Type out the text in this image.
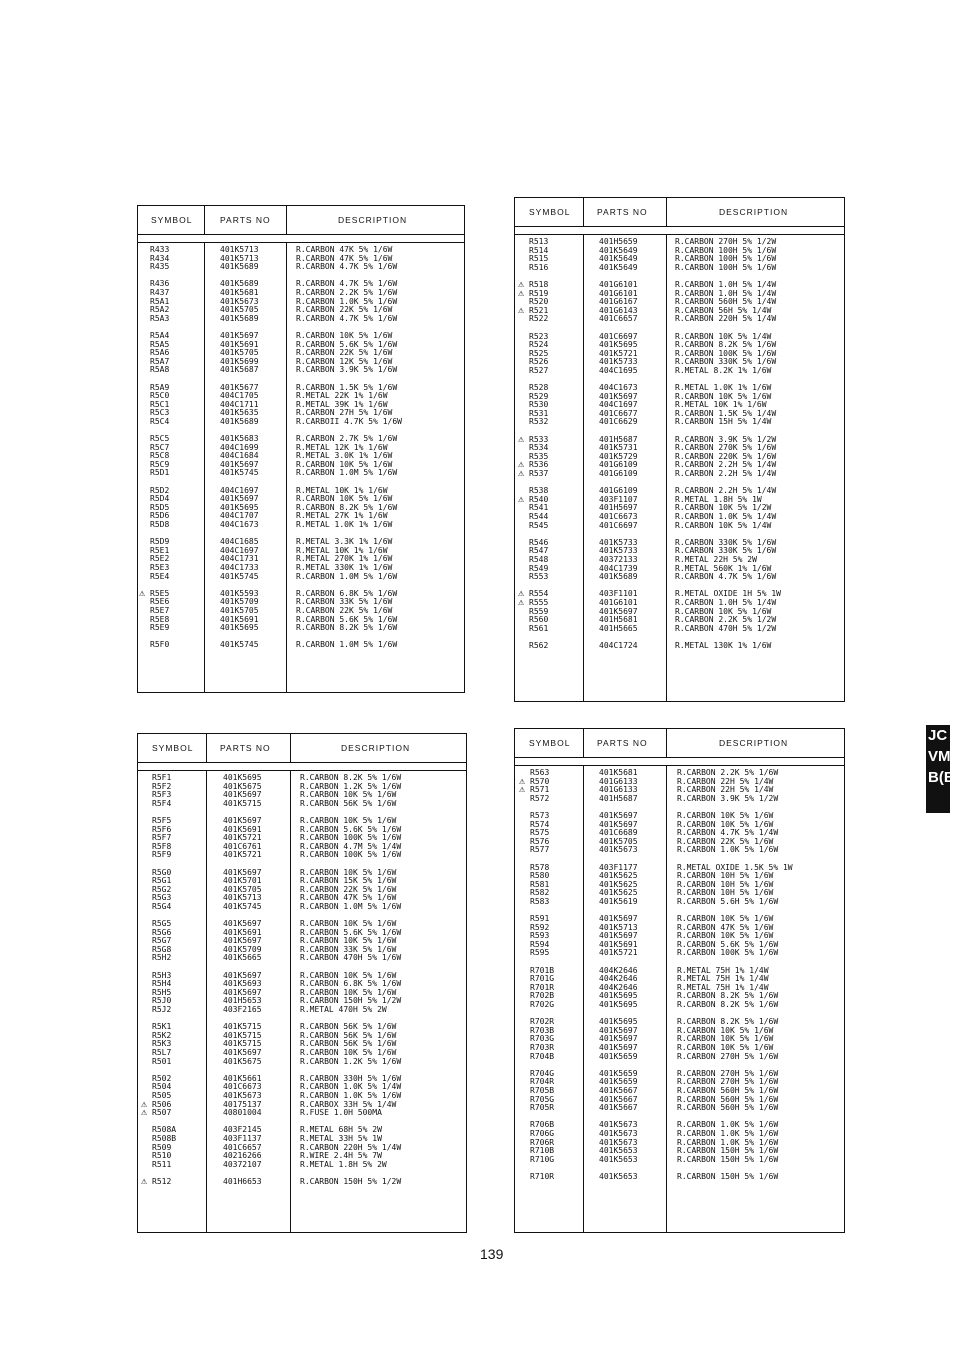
SYMBOL	PARTS NO	DESCRIPTION
R433	401K5713	R.CARBON 47K 5% 1/6W
R434	401K5713	R.CARBON 47K 5% 1/6W
R435	401K5689	R.CARBON 4.7K 5% 1/6W
R436	401K5689	R.CARBON 4.7K 5% 1/6W
R437	401K5681	R.CARBON 2.2K 5% 1/6W
R5A1	401K5673	R.CARBON 1.0K 5% 1/6W
R5A2	401K5705	R.CARBON 22K 5% 1/6W
R5A3	401K5689	R.CARBON 4.7K 5% 1/6W
R5A4	401K5697	R.CARBON 10K 5% 1/6W
R5A5	401K5691	R.CARBON 5.6K 5% 1/6W
R5A6	401K5705	R.CARBON 22K 5% 1/6W
R5A7	401K5699	R.CARBON 12K 5% 1/6W
R5A8	401K5687	R.CARBON 3.9K 5% 1/6W
R5A9	401K5677	R.CARBON 1.5K 5% 1/6W
R5C0	404C1705	R.METAL 22K 1% 1/6W
R5C1	404C1711	R.METAL 39K 1% 1/6W
R5C3	401K5635	R.CARBON 27H 5% 1/6W
R5C4	401K5689	R.CARBOII 4.7K 5% 1/6W
R5C5	401K5683	R.CARBON 2.7K 5% 1/6W
R5C7	404C1699	R.METAL 12K 1% 1/6W
R5C8	404C1684	R.METAL 3.0K 1% 1/6W
R5C9	401K5697	R.CARBON 10K 5% 1/6W
R5D1	401K5745	R.CARBON 1.0M 5% 1/6W
R5D2	404C1697	R.METAL 10K 1% 1/6W
R5D4	401K5697	R.CARBON 10K 5% 1/6W
R5D5	401K5695	R.CARBON 8.2K 5% 1/6W
R5D6	404C1707	R.METAL 27K 1% 1/6W
R5D8	404C1673	R.METAL 1.0K 1% 1/6W
R5D9	404C1685	R.METAL 3.3K 1% 1/6W
R5E1	404C1697	R.METAL 10K 1% 1/6W
R5E2	404C1731	R.METAL 270K 1% 1/6W
R5E3	404C1733	R.METAL 330K 1% 1/6W
R5E4	401K5745	R.CARBON 1.0M 5% 1/6W
⚠ R5E5	401K5593	R.CARBON 6.8K 5% 1/6W
R5E6	401K5709	R.CARBON 33K 5% 1/6W
R5E7	401K5705	R.CARBON 22K 5% 1/6W
R5E8	401K5691	R.CARBON 5.6K 5% 1/6W
R5E9	401K5695	R.CARBON 8.2K 5% 1/6W
R5F0	401K5745	R.CARBON 1.0M 5% 1/6W
SYMBOL	PARTS NO	DESCRIPTION
R513	401H5659	R.CARBON 270H 5% 1/2W
R514	401K5649	R.CARBON 100H 5% 1/6W
R515	401K5649	R.CARBON 100H 5% 1/6W
R516	401K5649	R.CARBON 100H 5% 1/6W
⚠ R518	401G6101	R.CARBON 1.0H 5% 1/4W
⚠ R519	401G6101	R.CARBON 1.0H 5% 1/4W
R520	401G6167	R.CARBON 560H 5% 1/4W
⚠ R521	401G6143	R.CARBON 56H 5% 1/4W
R522	401C6657	R.CARBON 220H 5% 1/4W
R523	401C6697	R.CARBON 10K 5% 1/4W
R524	401K5695	R.CARBON 8.2K 5% 1/6W
R525	401K5721	R.CARBON 100K 5% 1/6W
R526	401K5733	R.CARBON 330K 5% 1/6W
R527	404C1695	R.METAL 8.2K 1% 1/6W
R528	404C1673	R.METAL 1.0K 1% 1/6W
R529	401K5697	R.CARBON 10K 5% 1/6W
R530	404C1697	R.METAL 10K 1% 1/6W
R531	401C6677	R.CARBON 1.5K 5% 1/4W
R532	401C6629	R.CARBON 15H 5% 1/4W
⚠ R533	401H5687	R.CARBON 3.9K 5% 1/2W
R534	401K5731	R.CARBON 270K 5% 1/6W
R535	401K5729	R.CARBON 220K 5% 1/6W
⚠ R536	401G6109	R.CARBON 2.2H 5% 1/4W
⚠ R537	401G6109	R.CARBON 2.2H 5% 1/4W
R538	401G6109	R.CARBON 2.2H 5% 1/4W
⚠ R540	403F1107	R.METAL 1.8H 5% 1W
R541	401H5697	R.CARBON 10K 5% 1/2W
R544	401C6673	R.CARBON 1.0K 5% 1/4W
R545	401C6697	R.CARBON 10K 5% 1/4W
R546	401K5733	R.CARBON 330K 5% 1/6W
R547	401K5733	R.CARBON 330K 5% 1/6W
R548	40372133	R.METAL 22H 5% 2W
R549	404C1739	R.METAL 560K 1% 1/6W
R553	401K5689	R.CARBON 4.7K 5% 1/6W
⚠ R554	403F1101	R.METAL OXIDE 1H 5% 1W
⚠ R555	401G6101	R.CARBON 1.0H 5% 1/4W
R559	401K5697	R.CARBON 10K 5% 1/6W
R560	401H5681	R.CARBON 2.2K 5% 1/2W
R561	401H5665	R.CARBON 470H 5% 1/2W
R562	404C1724	R.METAL 130K 1% 1/6W
SYMBOL	PARTS NO	DESCRIPTION
R5F1	401K5695	R.CARBON 8.2K 5% 1/6W
R5F2	401K5675	R.CARBON 1.2K 5% 1/6W
R5F3	401K5697	R.CARBON 10K 5% 1/6W
R5F4	401K5715	R.CARBON 56K 5% 1/6W
R5F5	401K5697	R.CARBON 10K 5% 1/6W
R5F6	401K5691	R.CARBON 5.6K 5% 1/6W
R5F7	401K5721	R.CARBON 100K 5% 1/6W
R5F8	401C6761	R.CARBON 4.7M 5% 1/4W
R5F9	401K5721	R.CARBON 100K 5% 1/6W
R5G0	401K5697	R.CARBON 10K 5% 1/6W
R5G1	401K5701	R.CARBON 15K 5% 1/6W
R5G2	401K5705	R.CARBON 22K 5% 1/6W
R5G3	401K5713	R.CARBON 47K 5% 1/6W
R5G4	401K5745	R.CARBON 1.0M 5% 1/6W
R5G5	401K5697	R.CARBON 10K 5% 1/6W
R5G6	401K5691	R.CARBON 5.6K 5% 1/6W
R5G7	401K5697	R.CARBON 10K 5% 1/6W
R5G8	401K5709	R.CARBON 33K 5% 1/6W
R5H2	401K5665	R.CARBON 470H 5% 1/6W
R5H3	401K5697	R.CARBON 10K 5% 1/6W
R5H4	401K5693	R.CARBON 6.8K 5% 1/6W
R5H5	401K5697	R.CARBON 10K 5% 1/6W
R5J0	401H5653	R.CARBON 150H 5% 1/2W
R5J2	403F2165	R.METAL 470H 5% 2W
R5K1	401K5715	R.CARBON 56K 5% 1/6W
R5K2	401K5715	R.CARBON 56K 5% 1/6W
R5K3	401K5715	R.CARBON 56K 5% 1/6W
R5L7	401K5697	R.CARBON 10K 5% 1/6W
R501	401K5675	R.CARBON 1.2K 5% 1/6W
R502	401K5661	R.CARBON 330H 5% 1/6W
R504	401C6673	R.CARBON 1.0K 5% 1/4W
R505	401K5673	R.CARBON 1.0K 5% 1/6W
⚠ R506	40175137	R.CARBOX 33H 5% 1/4W
⚠ R507	40801004	R.FUSE 1.0H 500MA
R508A	403F2145	R.METAL 68H 5% 2W
R508B	403F1137	R.METAL 33H 5% 1W
R509	401C6657	R.CARBON 220H 5% 1/4W
R510	40216266	R.WIRE 2.4H 5% 7W
R511	40372107	R.METAL 1.8H 5% 2W
⚠ R512	401H6653	R.CARBON 150H 5% 1/2W
SYMBOL	PARTS NO	DESCRIPTION
R563	401K5681	R.CARBON 2.2K 5% 1/6W
⚠ R570	401G6133	R.CARBON 22H 5% 1/4W
⚠ R571	401G6133	R.CARBON 22H 5% 1/4W
R572	401H5687	R.CARBON 3.9K 5% 1/2W
R573	401K5697	R.CARBON 10K 5% 1/6W
R574	401K5697	R.CARBON 10K 5% 1/6W
R575	401C6689	R.CARBON 4.7K 5% 1/4W
R576	401K5705	R.CARBON 22K 5% 1/6W
R577	401K5673	R.CARBON 1.0K 5% 1/6W
R578	403F1177	R.METAL OXIDE 1.5K 5% 1W
R580	401K5625	R.CARBON 10H 5% 1/6W
R581	401K5625	R.CARBON 10H 5% 1/6W
R582	401K5625	R.CARBON 10H 5% 1/6W
R583	401K5619	R.CARBON 5.6H 5% 1/6W
R591	401K5697	R.CARBON 10K 5% 1/6W
R592	401K5713	R.CARBON 47K 5% 1/6W
R593	401K5697	R.CARBON 10K 5% 1/6W
R594	401K5691	R.CARBON 5.6K 5% 1/6W
R595	401K5721	R.CARBON 100K 5% 1/6W
R701B	404K2646	R.METAL 75H 1% 1/4W
R701G	404K2646	R.METAL 75H 1% 1/4W
R701R	404K2646	R.METAL 75H 1% 1/4W
R702B	401K5695	R.CARBON 8.2K 5% 1/6W
R702G	401K5695	R.CARBON 8.2K 5% 1/6W
R702R	401K5695	R.CARBON 8.2K 5% 1/6W
R703B	401K5697	R.CARBON 10K 5% 1/6W
R703G	401K5697	R.CARBON 10K 5% 1/6W
R703R	401K5697	R.CARBON 10K 5% 1/6W
R704B	401K5659	R.CARBON 270H 5% 1/6W
R704G	401K5659	R.CARBON 270H 5% 1/6W
R704R	401K5659	R.CARBON 270H 5% 1/6W
R705B	401K5667	R.CARBON 560H 5% 1/6W
R705G	401K5667	R.CARBON 560H 5% 1/6W
R705R	401K5667	R.CARBON 560H 5% 1/6W
R706B	401K5673	R.CARBON 1.0K 5% 1/6W
R706G	401K5673	R.CARBON 1.0K 5% 1/6W
R706R	401K5673	R.CARBON 1.0K 5% 1/6W
R710B	401K5653	R.CARBON 150H 5% 1/6W
R710G	401K5653	R.CARBON 150H 5% 1/6W
R710R	401K5653	R.CARBON 150H 5% 1/6W
139
JC
VMB
B(EE
